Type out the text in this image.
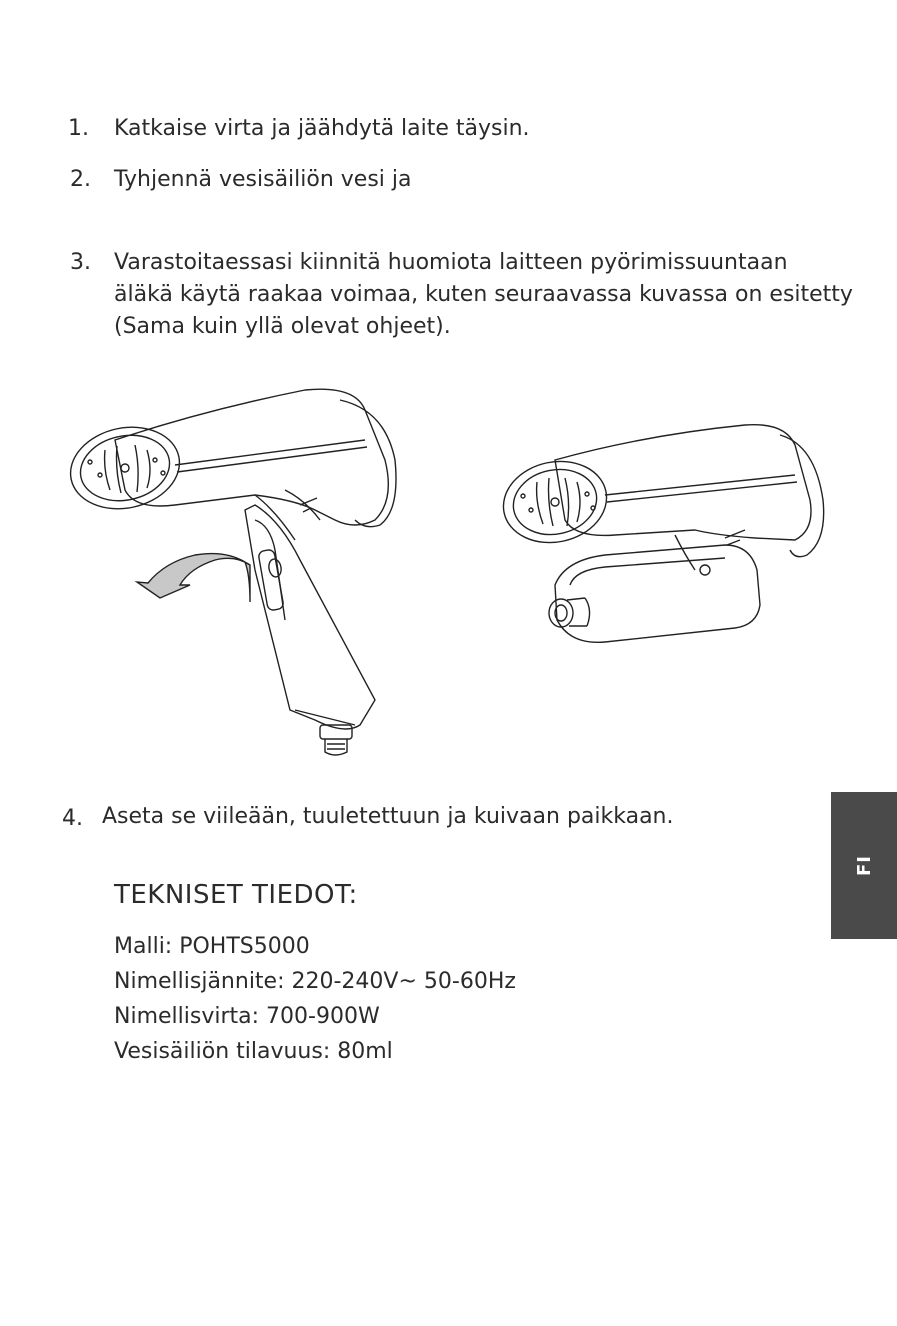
1. Katkaise virta ja jäähdytä laite täysin.
2. Tyhjennä vesisäiliön vesi ja
3. Varastoitaessasi kiinnitä huomiota laitteen pyörimissuuntaan
äläkä käytä raakaa voimaa, kuten seuraavassa kuvassa on esitetty
(Sama kuin yllä olevat ohjeet).
4. Aseta se viileään, tuuletettuun ja kuivaan paikkaan.
TEKNISET TIEDOT:
Malli: POHTS5000
Nimellisjännite: 220-240V~ 50-60Hz
Nimellisvirta: 700-900W
Vesisäiliön tilavuus: 80ml
FI
